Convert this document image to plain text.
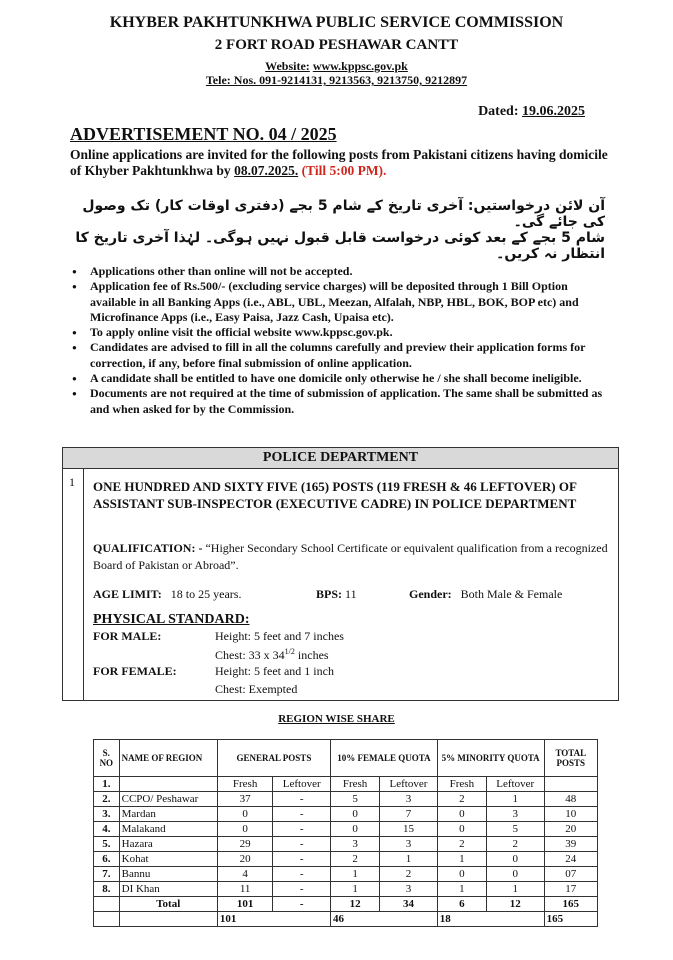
KHYBER PAKHTUNKHWA PUBLIC SERVICE COMMISSION
2 FORT ROAD PESHAWAR CANTT
Website: www.kppsc.gov.pk
Tele: Nos. 091-9214131, 9213563, 9213750, 9212897
Dated: 19.06.2025
ADVERTISEMENT NO. 04 / 2025
Online applications are invited for the following posts from Pakistani citizens having domicile of Khyber Pakhtunkhwa by 08.07.2025. (Till 5:00 PM).
آن لائن درخواستیں: آخری تاریخ کے شام 5 بجے (دفتری اوقات کار) تک وصول کی جائے گی۔
شام 5 بجے کے بعد کوئی درخواست قابل قبول نہیں ہوگی۔ لہٰذا آخری تاریخ کا انتظار نہ کریں۔
● Applications other than online will not be accepted.
● Application fee of Rs.500/- (excluding service charges) will be deposited through 1 Bill Option available in all Banking Apps (i.e., ABL, UBL, Meezan, Alfalah, NBP, HBL, BOK, BOP etc) and Microfinance Apps (i.e., Easy Paisa, Jazz Cash, Upaisa etc).
● To apply online visit the official website www.kppsc.gov.pk.
● Candidates are advised to fill in all the columns carefully and preview their application forms for correction, if any, before final submission of online application.
● A candidate shall be entitled to have one domicile only otherwise he / she shall become ineligible.
● Documents are not required at the time of submission of application. The same shall be submitted as and when asked for by the Commission.
POLICE DEPARTMENT
1 ONE HUNDRED AND SIXTY FIVE (165) POSTS (119 FRESH & 46 LEFTOVER) OF ASSISTANT SUB-INSPECTOR (EXECUTIVE CADRE) IN POLICE DEPARTMENT
QUALIFICATION: - “Higher Secondary School Certificate or equivalent qualification from a recognized Board of Pakistan or Abroad”.
AGE LIMIT: 18 to 25 years.	BPS: 11	Gender: Both Male & Female
PHYSICAL STANDARD:
FOR MALE:	Height: 5 feet and 7 inches
Chest: 33 x $34^{1/2}$ inches
FOR FEMALE:	Height: 5 feet and 1 inch
Chest: Exempted
REGION WISE SHARE
S. NO	NAME OF REGION	GENERAL POSTS		10% FEMALE QUOTA		5% MINORITY QUOTA		TOTAL POSTS
1.		Fresh	Leftover	Fresh	Leftover	Fresh	Leftover	
2.	CCPO/ Peshawar	37	-	5	3	2	1	48
3.	Mardan	0	-	0	7	0	3	10
4.	Malakand	0	-	0	15	0	5	20
5.	Hazara	29	-	3	3	2	2	39
6.	Kohat	20	-	2	1	1	0	24
7.	Bannu	4	-	1	2	0	0	07
8.	DI Khan	11	-	1	3	1	1	17
	Total	101	-	12	34	6	12	165
		101		46		18		165
